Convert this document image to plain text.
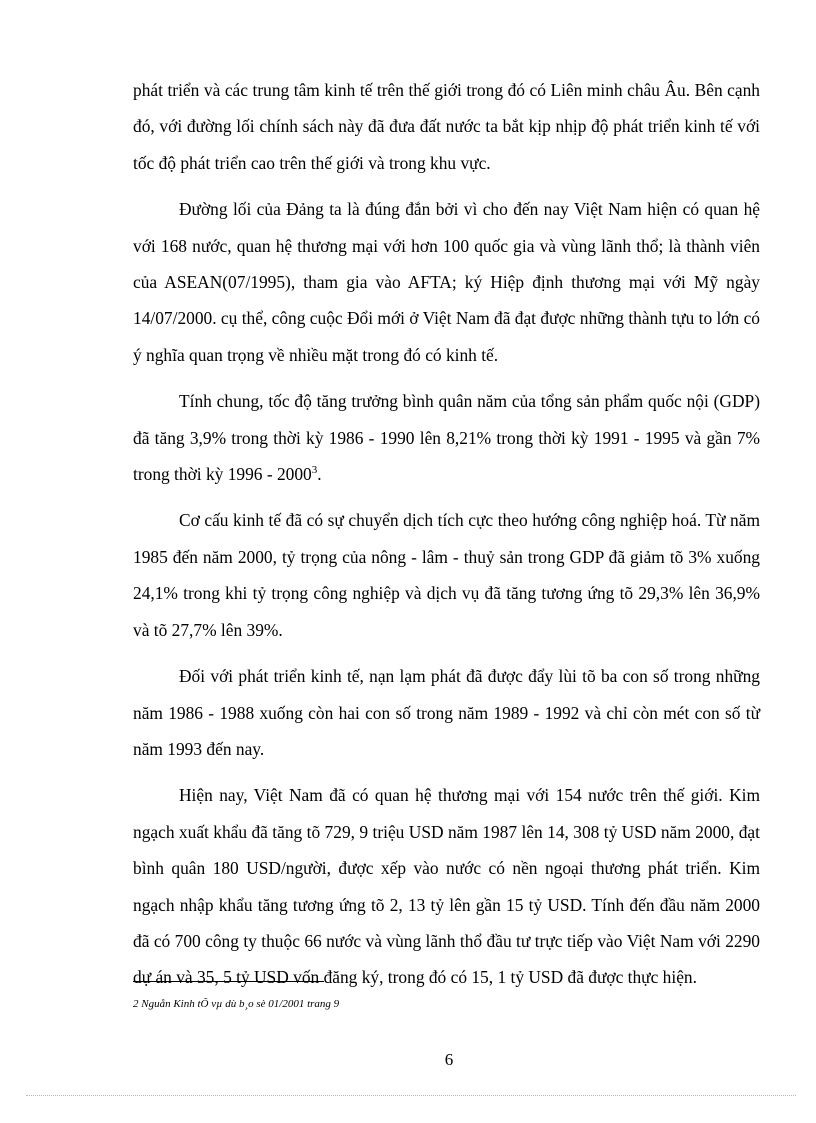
phát triển và các trung tâm kinh tế trên thế giới trong đó có Liên minh châu Âu. Bên cạnh đó, với đường lối chính sách này đã đưa đất nước ta bắt kịp nhịp độ phát triển kinh tế với tốc độ phát triển cao trên thế giới và trong khu vực.

Đường lối của Đảng ta là đúng đắn bởi vì cho đến nay Việt Nam hiện có quan hệ với 168 nước, quan hệ thương mại với hơn 100 quốc gia và vùng lãnh thổ; là thành viên của ASEAN(07/1995), tham gia vào AFTA; ký Hiệp định thương mại với Mỹ ngày 14/07/2000. cụ thể, công cuộc Đổi mới ở Việt Nam đã đạt được những thành tựu to lớn có ý nghĩa quan trọng về nhiều mặt trong đó có kinh tế.

Tính chung, tốc độ tăng trưởng bình quân năm của tổng sản phẩm quốc nội (GDP) đã tăng 3,9% trong thời kỳ 1986 - 1990 lên 8,21% trong thời kỳ 1991 - 1995 và gần 7% trong thời kỳ 1996 - 2000$^3$.

Cơ cấu kinh tế đã có sự chuyển dịch tích cực theo hướng công nghiệp hoá. Từ năm 1985 đến năm 2000, tỷ trọng của nông - lâm - thuỷ sản trong GDP đã giảm tõ 3% xuống 24,1% trong khi tỷ trọng công nghiệp và dịch vụ đã tăng tương ứng tõ 29,3% lên 36,9% và tõ 27,7% lên 39%.

Đối với phát triển kinh tế, nạn lạm phát đã được đẩy lùi tõ ba con số trong những năm 1986 - 1988 xuống còn hai con số trong năm 1989 - 1992 và chỉ còn mét con số từ năm 1993 đến nay.

Hiện nay, Việt Nam đã có quan hệ thương mại với 154 nước trên thế giới. Kim ngạch xuất khẩu đã tăng tõ 729, 9 triệu USD năm 1987 lên 14, 308 tỷ USD năm 2000, đạt bình quân 180 USD/người, được xếp vào nước có nền ngoại thương phát triển. Kim ngạch nhập khẩu tăng tương ứng tõ 2, 13 tỷ lên gần 15 tỷ USD. Tính đến đầu năm 2000 đã có 700 công ty thuộc 66 nước và vùng lãnh thổ đầu tư trực tiếp vào Việt Nam với 2290 dự án và 35, 5 tỷ USD vốn đăng ký, trong đó có 15, 1 tỷ USD đã được thực hiện.

2 Nguån Kinh tÕ vµ dù b¸o sè 01/2001 trang 9
6
